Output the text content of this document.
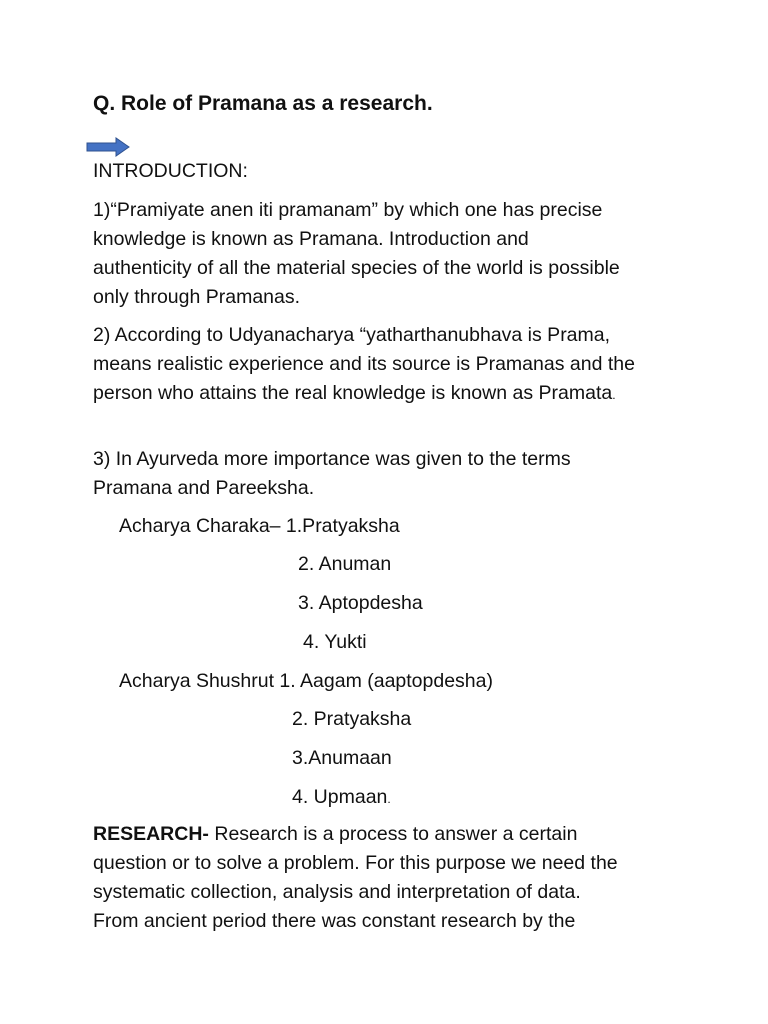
Q. Role of Pramana as a research.
INTRODUCTION:
1)“Pramiyate anen iti pramanam” by which one has precise
knowledge is known as Pramana. Introduction and
authenticity of all the material species of the world is possible
only through Pramanas.
2) According to Udyanacharya “yatharthanubhava is Prama,
means realistic experience and its source is Pramanas and the
person who attains the real knowledge is known as Pramata.
3) In Ayurveda more importance was given to the terms
Pramana and Pareeksha.
Acharya Charaka– 1.Pratyaksha
2. Anuman
3. Aptopdesha
4. Yukti
Acharya Shushrut 1. Aagam (aaptopdesha)
2. Pratyaksha
3.Anumaan
4. Upmaan.
RESEARCH- Research is a process to answer a certain
question or to solve a problem. For this purpose we need the
systematic collection, analysis and interpretation of data.
From ancient period there was constant research by the
